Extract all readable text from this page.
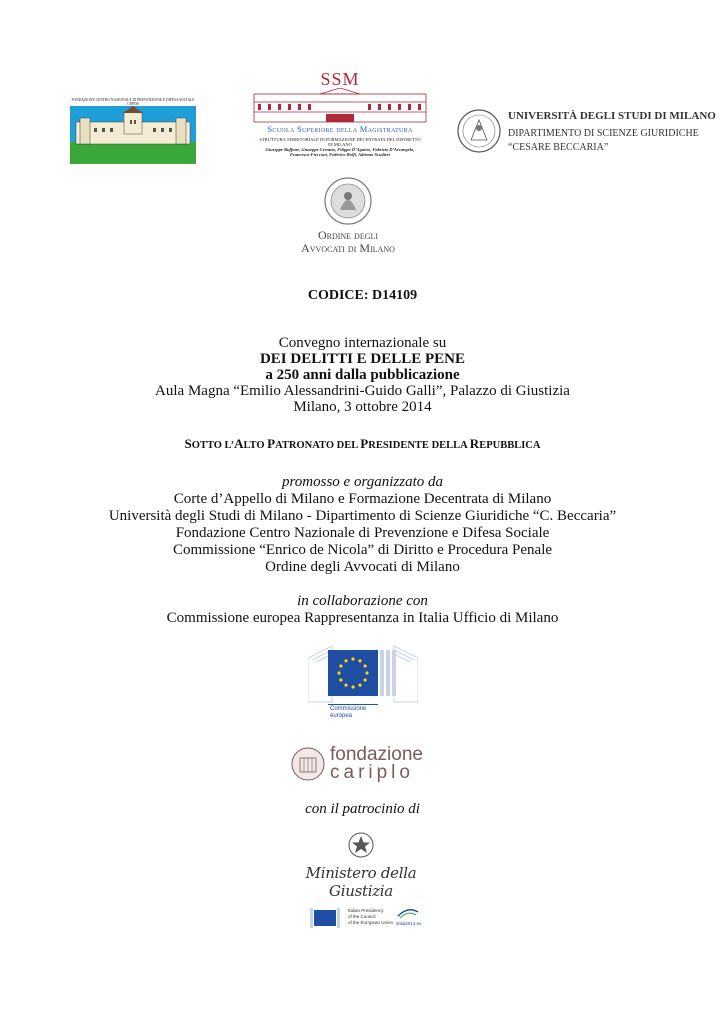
FONDAZIONE CENTRO NAZIONALE DI PREVENZIONE E DIFESA SOCIALE
CNPDS
SSM
Scuola Superiore della Magistratura
STRUTTURA TERRITORIALE DI FORMAZIONE DECENTRATA DEL DISTRETTO
DI MILANO
Giuseppe Buffone, Giuseppe Cernuto, Filippo D’Againo, Fabrizio D’Arcangelo,
Francesca Fiecconi, Federico Rolfi, Adriano Scudieri
UNIVERSITÀ DEGLI STUDI DI MILANO
DIPARTIMENTO DI SCIENZE GIURIDICHE
“CESARE BECCARIA”
Ordine degli
Avvocati di Milano
CODICE: D14109
Convegno internazionale su
DEI DELITTI E DELLE PENE
a 250 anni dalla pubblicazione
Aula Magna “Emilio Alessandrini-Guido Galli”, Palazzo di Giustizia
Milano, 3 ottobre 2014
SOTTO L’ALTO PATRONATO DEL PRESIDENTE DELLA REPUBBLICA
promosso e organizzato da
Corte d’Appello di Milano e Formazione Decentrata di Milano
Università degli Studi di Milano - Dipartimento di Scienze Giuridiche “C. Beccaria”
Fondazione Centro Nazionale di Prevenzione e Difesa Sociale
Commissione “Enrico de Nicola” di Diritto e Procedura Penale
Ordine degli Avvocati di Milano
in collaborazione con
Commissione europea Rappresentanza in Italia Ufficio di Milano
Commissione
europea
fondazione
cariplo
con il patrocinio di
Ministero della Giustizia
Italian Presidency
of the Council
of the European Union italia2014.eu
